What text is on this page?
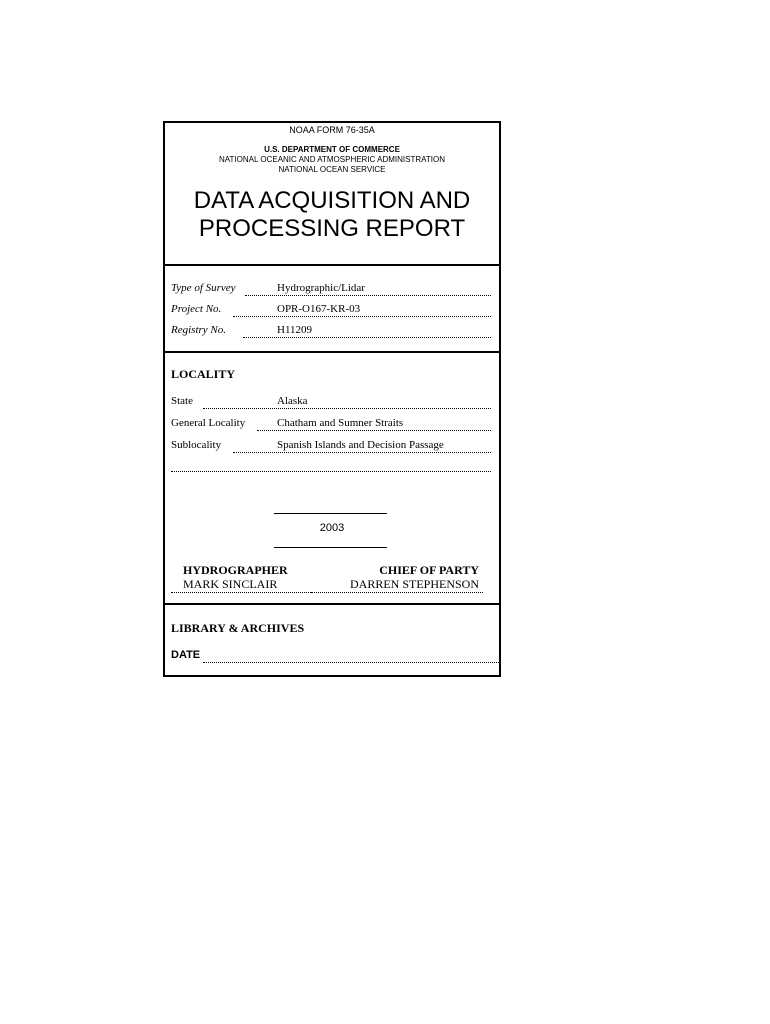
NOAA FORM 76-35A
U.S. DEPARTMENT OF COMMERCE
NATIONAL OCEANIC AND ATMOSPHERIC ADMINISTRATION
NATIONAL OCEAN SERVICE
DATA ACQUISITION AND
PROCESSING REPORT
Type of Survey	Hydrographic/Lidar
Project No.	OPR-O167-KR-03
Registry No.	H11209
LOCALITY
State	Alaska
General Locality	Chatham and Sumner Straits
Sublocality	Spanish Islands and Decision Passage
2003
HYDROGRAPHER	CHIEF OF PARTY
MARK SINCLAIR	DARREN STEPHENSON
LIBRARY & ARCHIVES
DATE
